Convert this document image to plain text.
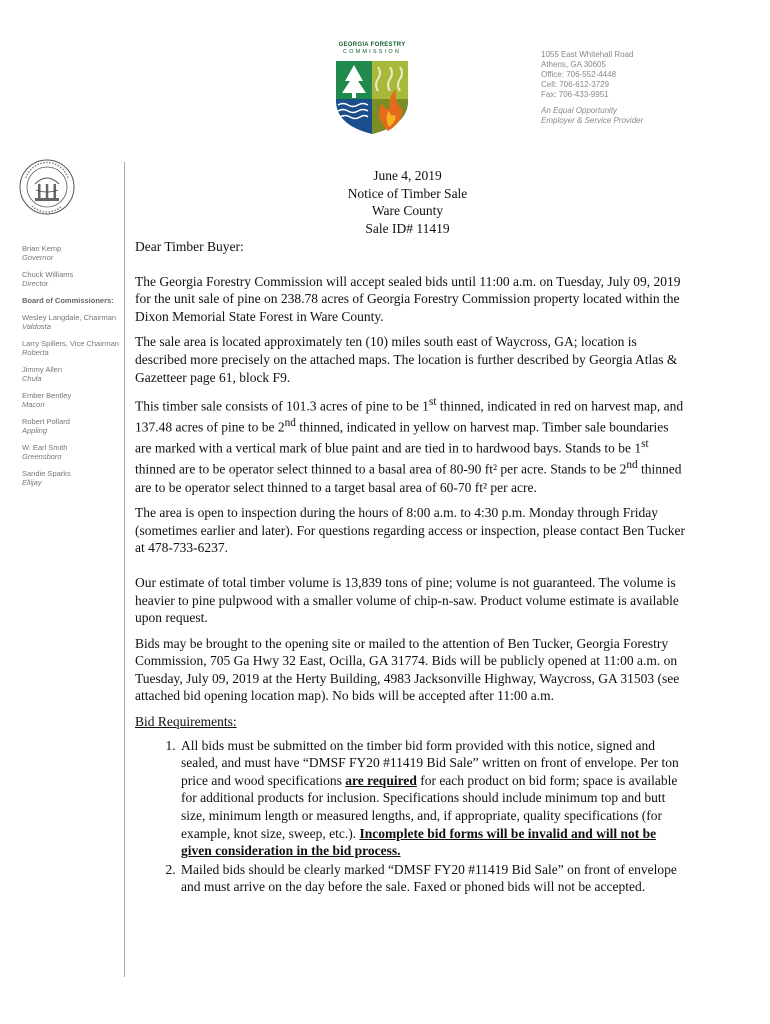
GEORGIA FORESTRY
COMMISSION	1055 East Whitehall Road
Athens, GA 30605
Office: 706-552-4448
Cell: 706-612-3729
Fax: 706-433-9951
An Equal Opportunity
Employer & Service Provider
Brian Kemp
Governor
Chuck Williams
Director
Board of Commissioners:
Wesley Langdale, Chairman
Valdosta
Larry Spillers, Vice Chairman
Roberta
Jimmy Allen
Chula
Ember Bentley
Macon
Robert Pollard
Appling
W. Earl Smith
Greensboro
Sandie Sparks
Ellijay
June 4, 2019
Notice of Timber Sale
Ware County
Sale ID# 11419

Dear Timber Buyer:

The Georgia Forestry Commission will accept sealed bids until 11:00 a.m. on Tuesday, July 09, 2019 for the unit sale of pine on 238.78 acres of Georgia Forestry Commission property located within the Dixon Memorial State Forest in Ware County.

The sale area is located approximately ten (10) miles south east of Waycross, GA; location is described more precisely on the attached maps. The location is further described by Georgia Atlas & Gazetteer page 61, block F9.

This timber sale consists of 101.3 acres of pine to be 1st thinned, indicated in red on harvest map, and 137.48 acres of pine to be 2nd thinned, indicated in yellow on harvest map. Timber sale boundaries are marked with a vertical mark of blue paint and are tied in to hardwood bays. Stands to be 1st thinned are to be operator select thinned to a basal area of 80-90 ft² per acre. Stands to be 2nd thinned are to be operator select thinned to a target basal area of 60-70 ft² per acre.

The area is open to inspection during the hours of 8:00 a.m. to 4:30 p.m. Monday through Friday (sometimes earlier and later). For questions regarding access or inspection, please contact Ben Tucker at 478-733-6237.

Our estimate of total timber volume is 13,839 tons of pine; volume is not guaranteed. The volume is heavier to pine pulpwood with a smaller volume of chip-n-saw. Product volume estimate is available upon request.

Bids may be brought to the opening site or mailed to the attention of Ben Tucker, Georgia Forestry Commission, 705 Ga Hwy 32 East, Ocilla, GA 31774. Bids will be publicly opened at 11:00 a.m. on Tuesday, July 09, 2019 at the Herty Building, 4983 Jacksonville Highway, Waycross, GA 31503 (see attached bid opening location map). No bids will be accepted after 11:00 a.m.

Bid Requirements:
1. All bids must be submitted on the timber bid form provided with this notice, signed and sealed, and must have “DMSF FY20 #11419 Bid Sale” written on front of envelope. Per ton price and wood specifications are required for each product on bid form; space is available for additional products for inclusion. Specifications should include minimum top and butt size, minimum length or measured lengths, and, if appropriate, quality specifications (for example, knot size, sweep, etc.). Incomplete bid forms will be invalid and will not be given consideration in the bid process.
2. Mailed bids should be clearly marked “DMSF FY20 #11419 Bid Sale” on front of envelope and must arrive on the day before the sale. Faxed or phoned bids will not be accepted.
